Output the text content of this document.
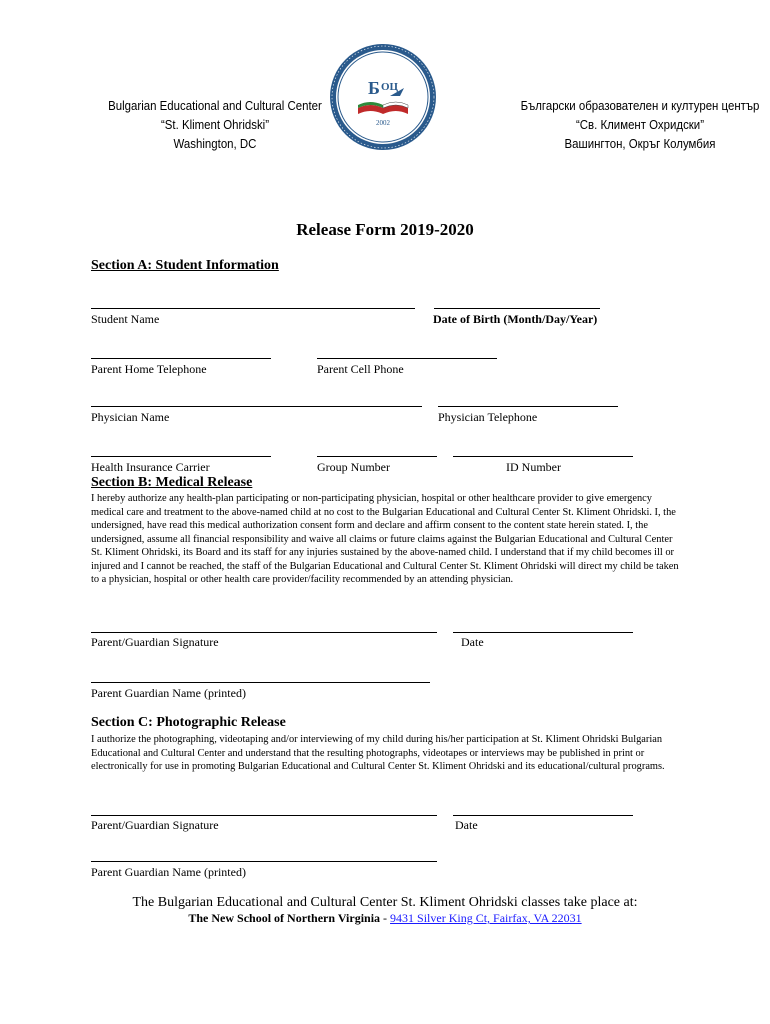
Bulgarian Educational and Cultural Center
“St. Kliment Ohridski”
Washington, DC
Б ОЦ
2002
Български образователен и културен център
“Св. Климент Охридски”
Вашингтон, Окръг Колумбия
Release Form 2019-2020
Section A: Student Information
Student Name	Date of Birth (Month/Day/Year)
Parent Home Telephone	Parent Cell Phone
Physician Name	Physician Telephone
Health Insurance Carrier	Group Number	ID Number
Section B: Medical Release
I hereby authorize any health-plan participating or non-participating physician, hospital or other healthcare provider to give emergency medical care and treatment to the above-named child at no cost to the Bulgarian Educational and Cultural Center St. Kliment Ohridski. I, the undersigned, have read this medical authorization consent form and declare and affirm consent to the content state herein stated. I, the undersigned, assume all financial responsibility and waive all claims or future claims against the Bulgarian Educational and Cultural Center St. Kliment Ohridski, its Board and its staff for any injuries sustained by the above-named child. I understand that if my child becomes ill or injured and I cannot be reached, the staff of the Bulgarian Educational and Cultural Center St. Kliment Ohridski will direct my child be taken to a physician, hospital or other health care provider/facility recommended by an attending physician.
Parent/Guardian Signature	Date
Parent Guardian Name (printed)
Section C: Photographic Release
I authorize the photographing, videotaping and/or interviewing of my child during his/her participation at St. Kliment Ohridski Bulgarian Educational and Cultural Center and understand that the resulting photographs, videotapes or interviews may be published in print or electronically for use in promoting Bulgarian Educational and Cultural Center St. Kliment Ohridski and its educational/cultural programs.
Parent/Guardian Signature	Date
Parent Guardian Name (printed)
The Bulgarian Educational and Cultural Center St. Kliment Ohridski classes take place at:
The New School of Northern Virginia - 9431 Silver King Ct, Fairfax, VA 22031
